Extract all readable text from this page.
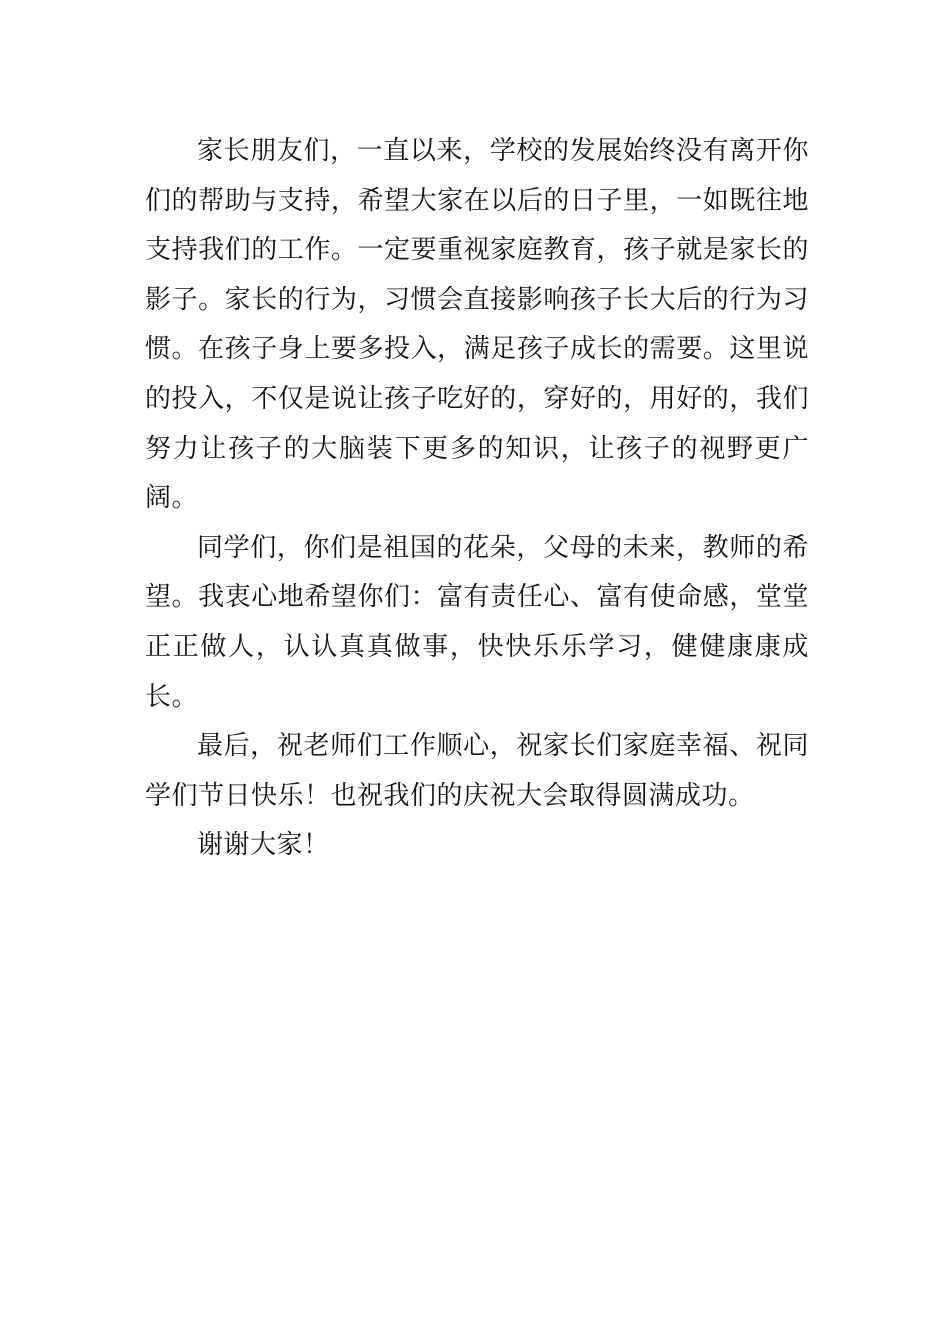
家长朋友们，一直以来，学校的发展始终没有离开你们的帮助与支持，希望大家在以后的日子里，一如既往地支持我们的工作。一定要重视家庭教育，孩子就是家长的影子。家长的行为，习惯会直接影响孩子长大后的行为习惯。在孩子身上要多投入，满足孩子成长的需要。这里说的投入，不仅是说让孩子吃好的，穿好的，用好的，我们努力让孩子的大脑装下更多的知识，让孩子的视野更广阔。

同学们，你们是祖国的花朵，父母的未来，教师的希望。我衷心地希望你们：富有责任心、富有使命感，堂堂正正做人，认认真真做事，快快乐乐学习，健健康康成长。

最后，祝老师们工作顺心，祝家长们家庭幸福、祝同学们节日快乐！也祝我们的庆祝大会取得圆满成功。

谢谢大家！
